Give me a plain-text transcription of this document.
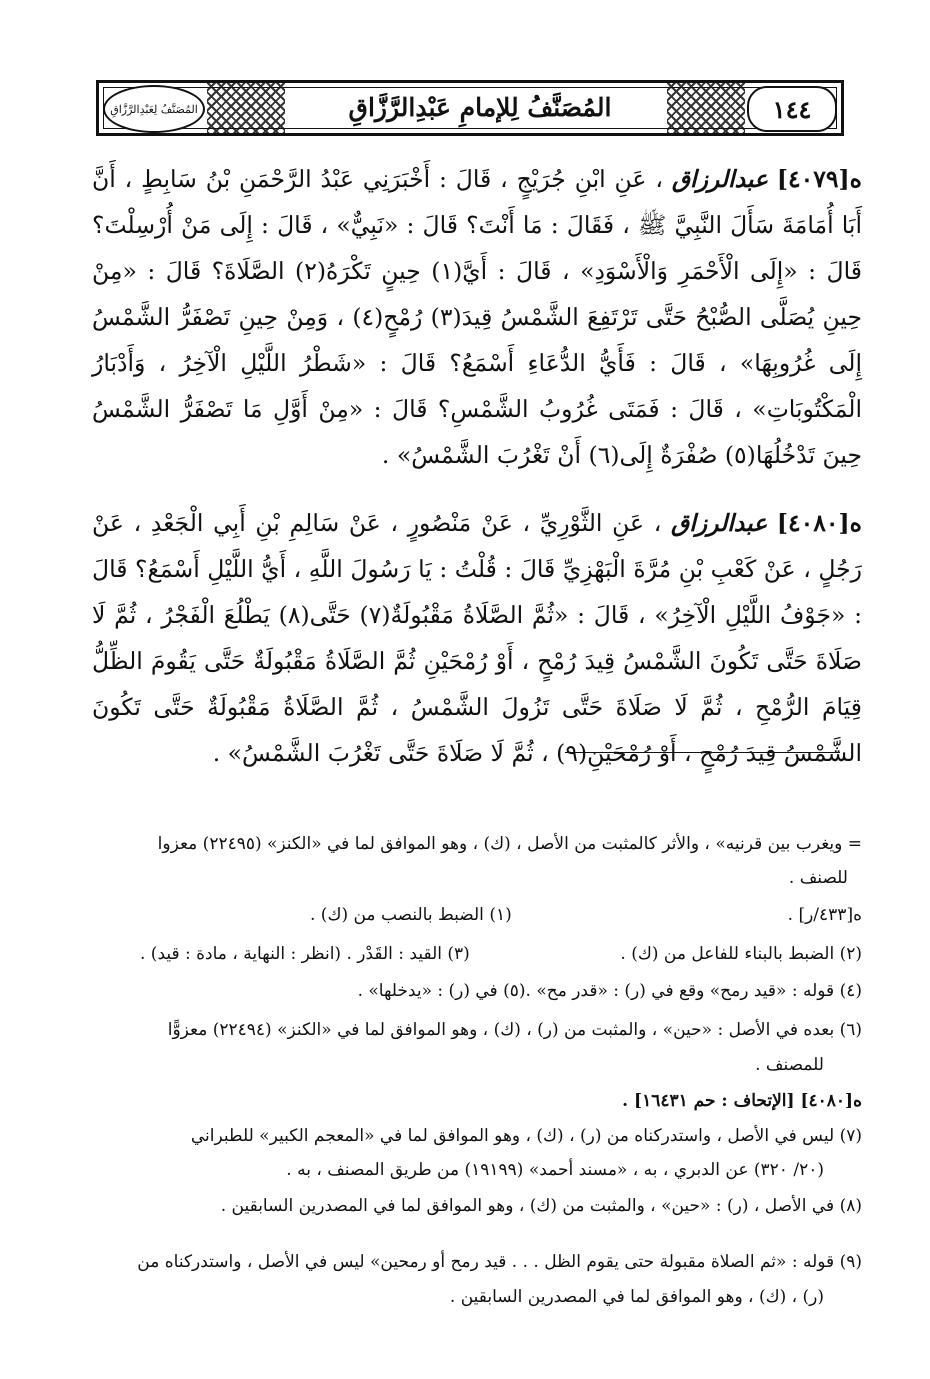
المُصَنَّفُ لِعَبْدِالرَّزَّاقِ	المُصَنَّفُ لِلإمامِ عَبْدِالرَّزَّاقِ	١٤٤

ه[٤٠٧٩] عبدالرزاق ، عَنِ ابْنِ جُرَيْجٍ ، قَالَ : أَخْبَرَنِي عَبْدُ الرَّحْمَنِ بْنُ سَابِطٍ ، أَنَّ أَبَا أُمَامَةَ سَأَلَ النَّبِيَّ ﷺ ، فَقَالَ : مَا أَنْتَ؟ قَالَ : «نَبِيٌّ» ، قَالَ : إِلَى مَنْ أُرْسِلْتَ؟ قَالَ : «إِلَى الْأَحْمَرِ وَالْأَسْوَدِ» ، قَالَ : أَيَّ(١) حِينٍ تَكْرَهُ(٢) الصَّلَاةَ؟ قَالَ : «مِنْ حِينِ يُصَلَّى الصُّبْحُ حَتَّى تَرْتَفِعَ الشَّمْسُ قِيدَ(٣) رُمْحٍ(٤) ، وَمِنْ حِينِ تَصْفَرُّ الشَّمْسُ إِلَى غُرُوبِهَا» ، قَالَ : فَأَيُّ الدُّعَاءِ أَسْمَعُ؟ قَالَ : «شَطْرُ اللَّيْلِ الْآخِرُ ، وَأَدْبَارُ الْمَكْتُوبَاتِ» ، قَالَ : فَمَتَى غُرُوبُ الشَّمْسِ؟ قَالَ : «مِنْ أَوَّلِ مَا تَصْفَرُّ الشَّمْسُ حِينَ تَدْخُلُهَا(٥) صُفْرَةٌ إِلَى(٦) أَنْ تَغْرُبَ الشَّمْسُ» .

ه[٤٠٨٠] عبدالرزاق ، عَنِ الثَّوْرِيِّ ، عَنْ مَنْصُورٍ ، عَنْ سَالِمِ بْنِ أَبِي الْجَعْدِ ، عَنْ رَجُلٍ ، عَنْ كَعْبِ بْنِ مُرَّةَ الْبَهْزِيِّ قَالَ : قُلْتُ : يَا رَسُولَ اللَّهِ ، أَيُّ اللَّيْلِ أَسْمَعُ؟ قَالَ : «جَوْفُ اللَّيْلِ الْآخِرُ» ، قَالَ : «ثُمَّ الصَّلَاةُ مَقْبُولَةٌ(٧) حَتَّى(٨) يَطْلُعَ الْفَجْرُ ، ثُمَّ لَا صَلَاةَ حَتَّى تَكُونَ الشَّمْسُ قِيدَ رُمْحٍ ، أَوْ رُمْحَيْنِ ثُمَّ الصَّلَاةُ مَقْبُولَةٌ حَتَّى يَقُومَ الظِّلُّ قِيَامَ الرُّمْحِ ، ثُمَّ لَا صَلَاةَ حَتَّى تَزُولَ الشَّمْسُ ، ثُمَّ الصَّلَاةُ مَقْبُولَةٌ حَتَّى تَكُونَ الشَّمْسُ قِيدَ رُمْحٍ ، أَوْ رُمْحَيْنِ(٩) ، ثُمَّ لَا صَلَاةَ حَتَّى تَغْرُبَ الشَّمْسُ» .

= ويغرب بين قرنيه» ، والأثر كالمثبت من الأصل ، (ك) ، وهو الموافق لما في «الكنز» (٢٢٤٩٥) معزوا
للصنف .
ه[٤٣٣/ر] .
(١) الضبط بالنصب من (ك) .
(٢) الضبط بالبناء للفاعل من (ك) .
(٣) القيد : القَدْر . (انظر : النهاية ، مادة : قيد) .
(٤) قوله : «قيد رمح» وقع في (ر) : «قدر مح» .
(٥) في (ر) : «يدخلها» .
(٦) بعده في الأصل : «حين» ، والمثبت من (ر) ، (ك) ، وهو الموافق لما في «الكنز» (٢٢٤٩٤) معزوًّا
للمصنف .
ه[٤٠٨٠] [الإتحاف : حم ١٦٤٣١] .
(٧) ليس في الأصل ، واستدركناه من (ر) ، (ك) ، وهو الموافق لما في «المعجم الكبير» للطبراني
(٢٠/ ٣٢٠) عن الدبري ، به ، «مسند أحمد» (١٩١٩٩) من طريق المصنف ، به .
(٨) في الأصل ، (ر) : «حين» ، والمثبت من (ك) ، وهو الموافق لما في المصدرين السابقين .
(٩) قوله : «ثم الصلاة مقبولة حتى يقوم الظل . . . قيد رمح أو رمحين» ليس في الأصل ، واستدركناه من
(ر) ، (ك) ، وهو الموافق لما في المصدرين السابقين .
